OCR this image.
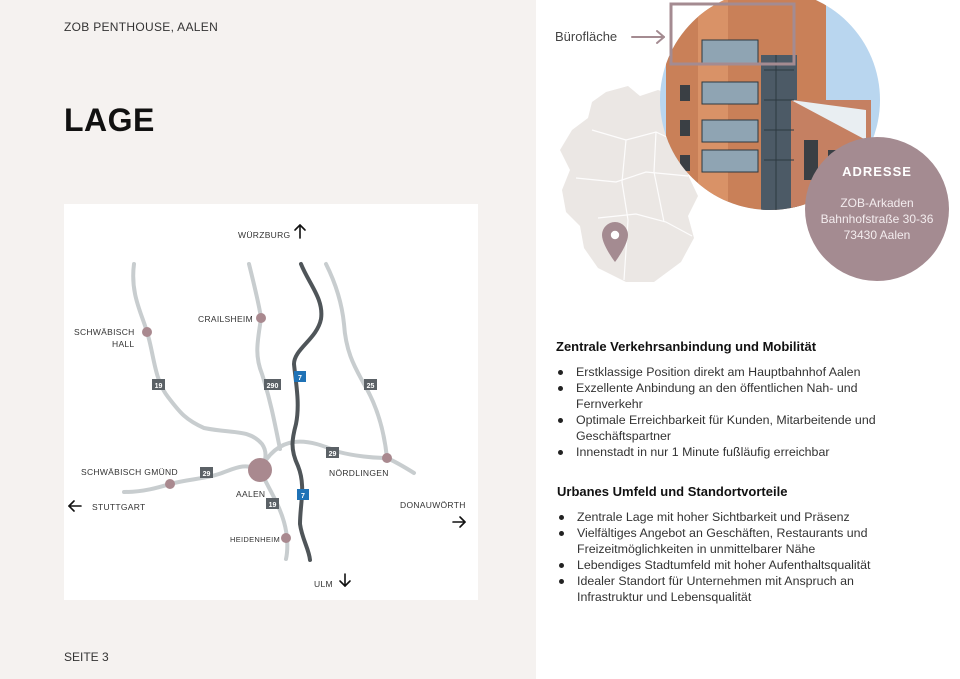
ZOB PENTHOUSE, AALEN
LAGE
19	290
7
25
29
29
7
19
WÜRZBURG
CRAILSHEIM
SCHWÄBISCH
HALL
SCHWÄBISCH GMÜND
AALEN
NÖRDLINGEN
STUTTGART	DONAUWÖRTH
HEIDENHEIM
ULM
SEITE 3
Bürofläche
ADRESSE
ZOB-Arkaden
Bahnhofstraße 30-36
73430 Aalen
Zentrale Verkehrsanbindung und Mobilität
Erstklassige Position direkt am Hauptbahnhof Aalen
Exzellente Anbindung an den öffentlichen Nah- und
Fernverkehr
Optimale Erreichbarkeit für Kunden, Mitarbeitende und Geschäftspartner
Innenstadt in nur 1 Minute fußläufig erreichbar
Urbanes Umfeld und Standortvorteile
Zentrale Lage mit hoher Sichtbarkeit und Präsenz
Vielfältiges Angebot an Geschäften, Restaurants und Freizeitmöglichkeiten in unmittelbarer Nähe
Lebendiges Stadtumfeld mit hoher Aufenthaltsqualität
Idealer Standort für Unternehmen mit Anspruch an Infrastruktur und Lebensqualität
